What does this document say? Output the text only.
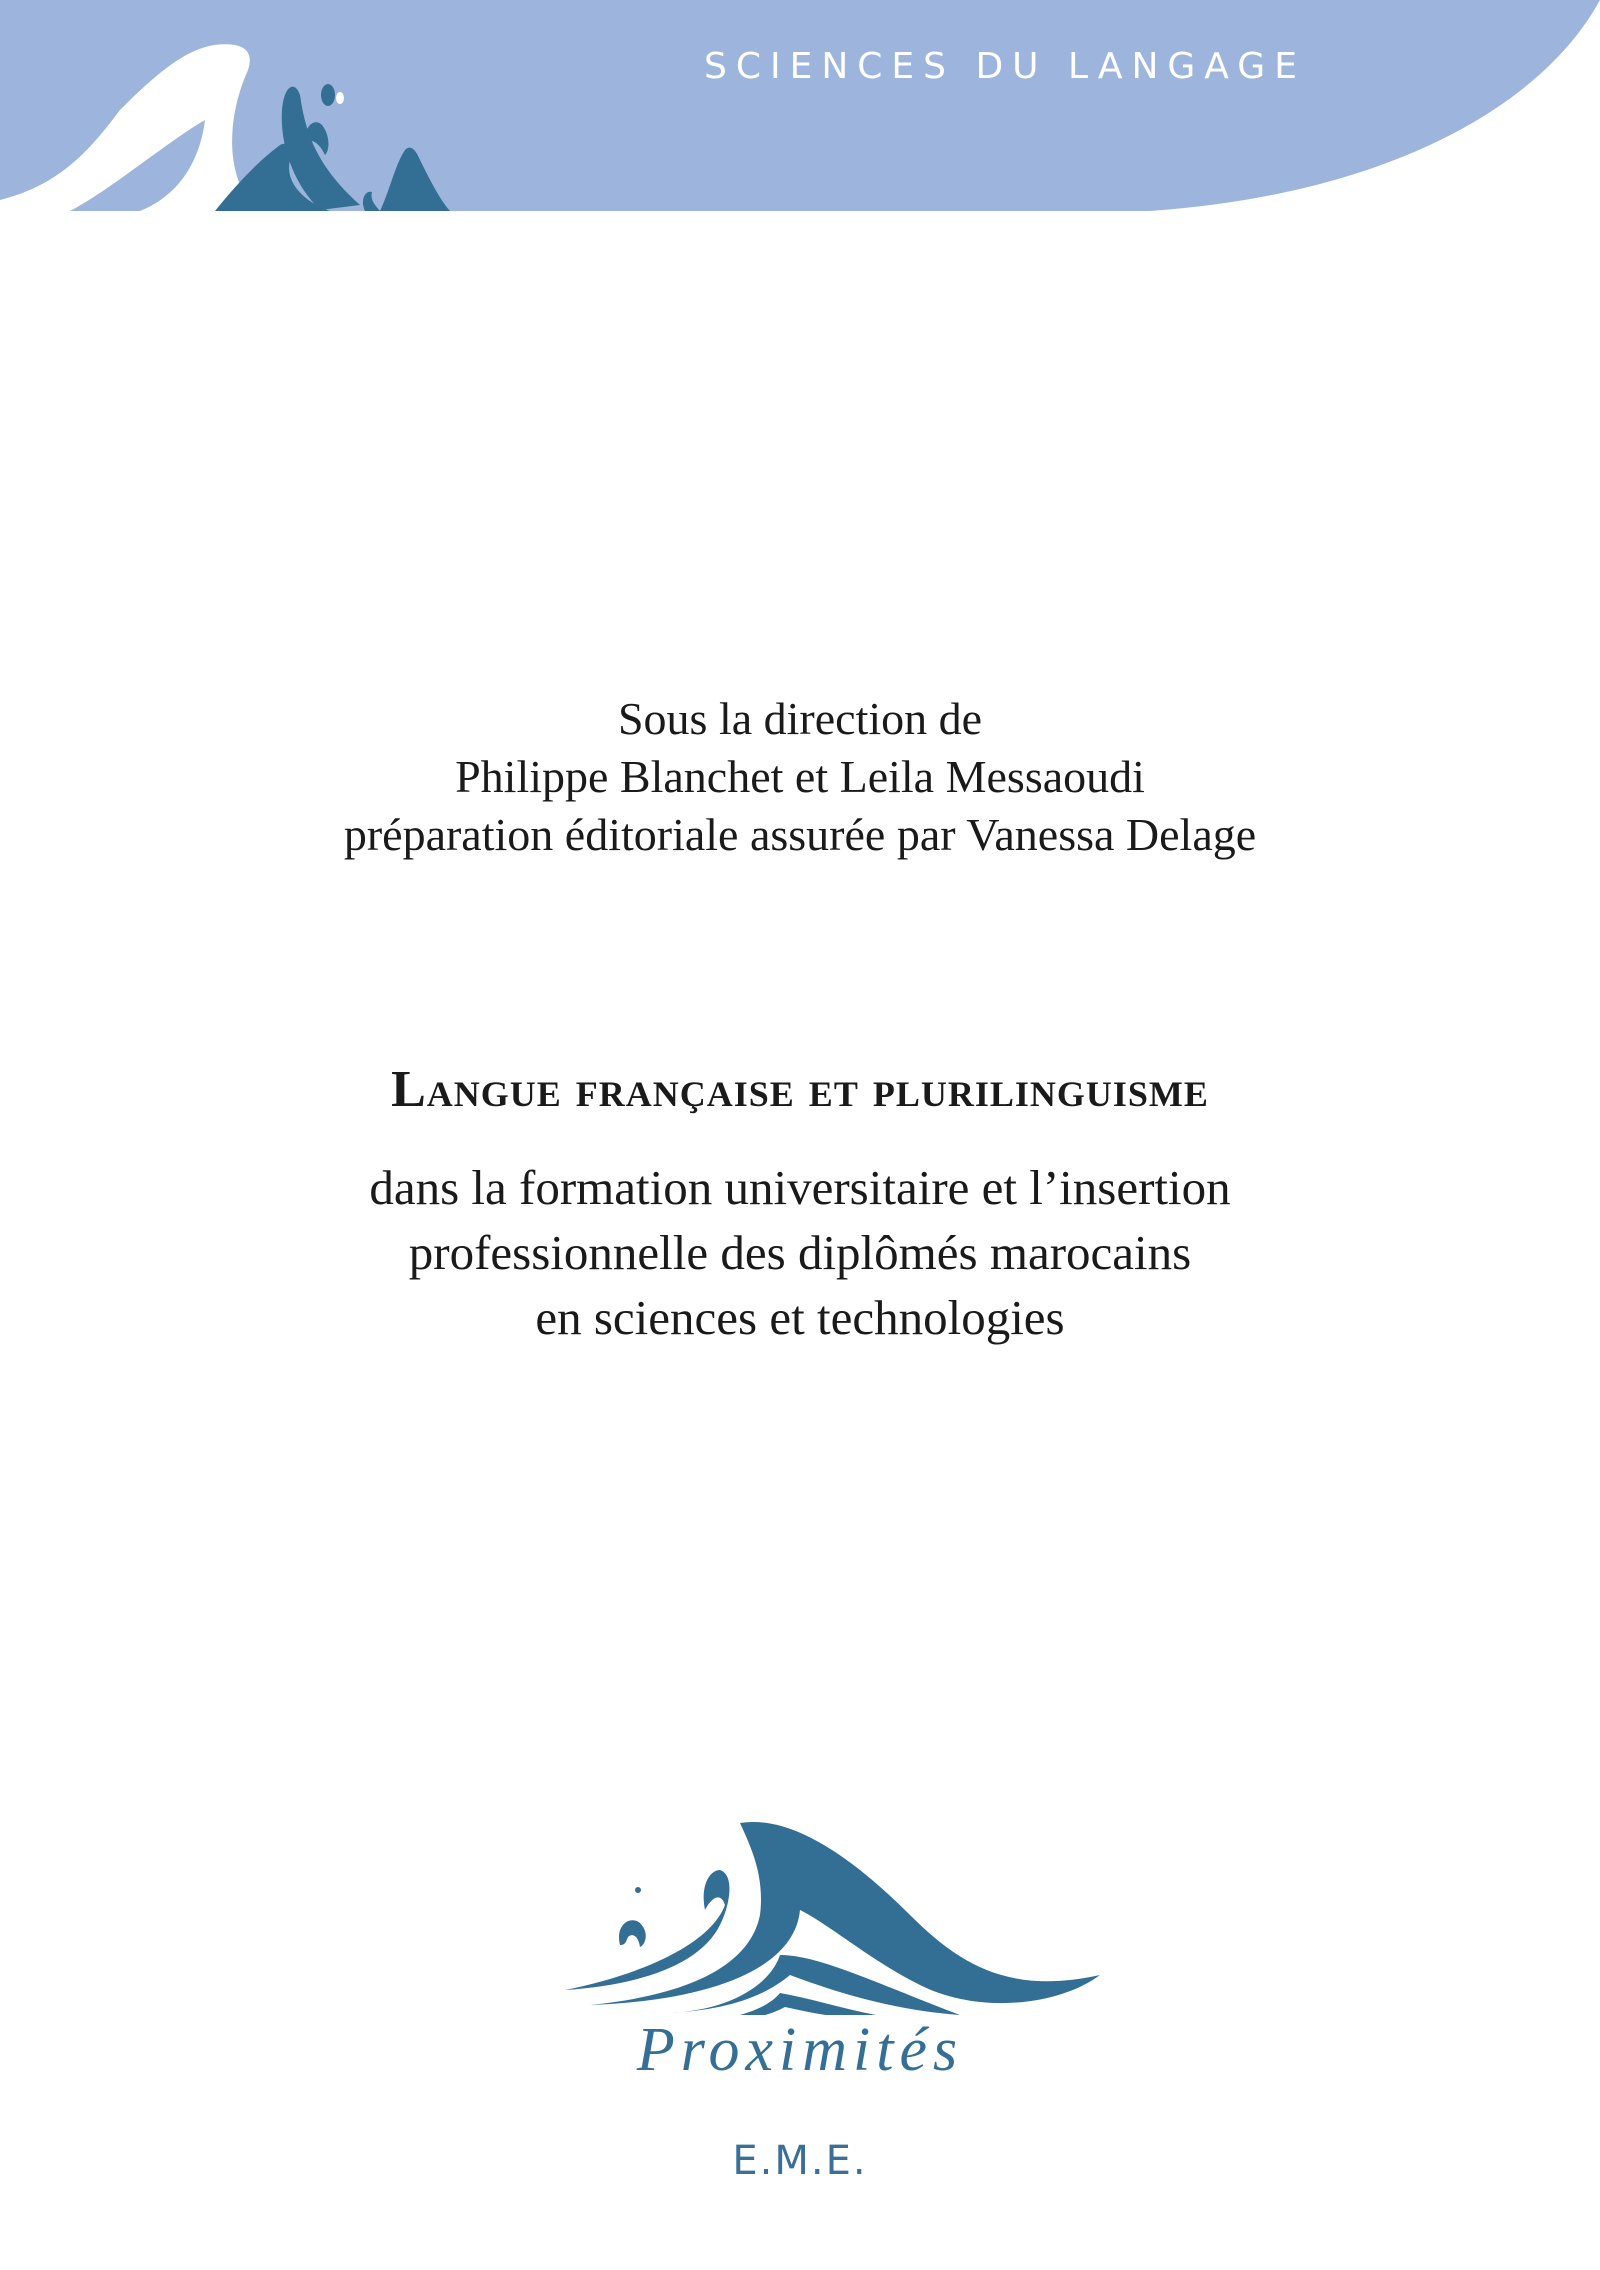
SCIENCES DU LANGAGE
Sous la direction de
Philippe Blanchet et Leila Messaoudi
préparation éditoriale assurée par Vanessa Delage
Langue française et plurilinguisme
dans la formation universitaire et l’insertion
professionnelle des diplômés marocains
en sciences et technologies
Proximités
E.M.E.
